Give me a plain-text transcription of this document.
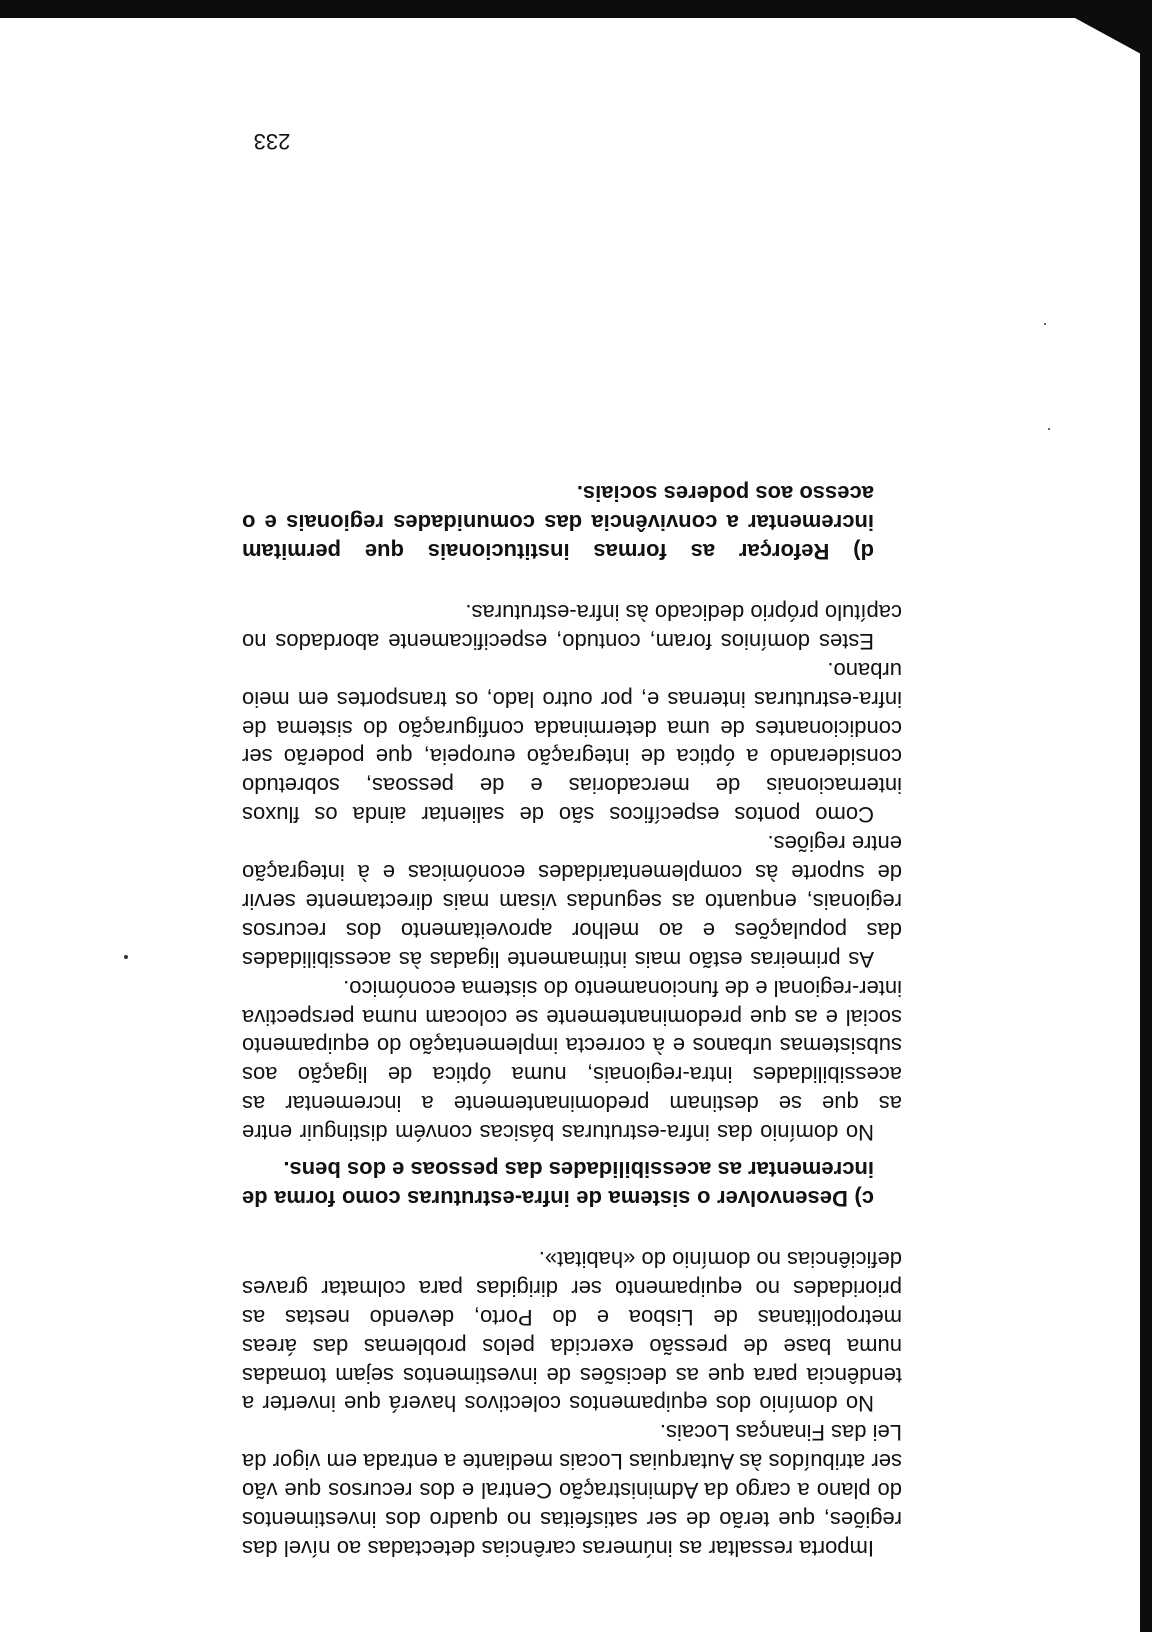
Importa ressaltar as inúmeras carências detectadas ao nível das regiões, que terão de ser satisfeitas no quadro dos investimentos do plano a cargo da Administração Central e dos recursos que vão ser atribuídos às Autarquias Locais mediante a entrada em vigor da Lei das Finanças Locais.

No domínio dos equipamentos colectivos haverá que inverter a tendência para que as decisões de investimentos sejam tomadas numa base de pressão exercida pelos problemas das áreas metropolitanas de Lisboa e do Porto, devendo nestas as prioridades no equipamento ser dirigidas para colmatar graves deficiências no domínio do «habitat».

c) Desenvolver o sistema de infra-estruturas como forma de incrementar as acessibilidades das pessoas e dos bens.

No domínio das infra-estruturas básicas convém distinguir entre as que se destinam predominantemente a incrementar as acessibilidades intra-regionais, numa óptica de ligação aos subsistemas urbanos e à correcta implementação do equipamento social e as que predominantemente se colocam numa perspectiva inter-regional e de funcionamento do sistema económico.

As primeiras estão mais intimamente ligadas às acessibilidades das populações e ao melhor aproveitamento dos recursos regionais, enquanto as segundas visam mais directamente servir de suporte às complementaridades económicas e à integração entre regiões.

Como pontos específicos são de salientar ainda os fluxos internacionais de mercadorias e de pessoas, sobretudo considerando a óptica de integração europeia, que poderão ser condicionantes de uma determinada configuração do sistema de infra-estruturas internas e, por outro lado, os transportes em meio urbano.

Estes domínios foram, contudo, especificamente abordados no capítulo próprio dedicado às infra-estruturas.

d) Reforçar as formas institucionais que permitam incrementar a convivência das comunidades regionais e o acesso aos poderes sociais.

233
